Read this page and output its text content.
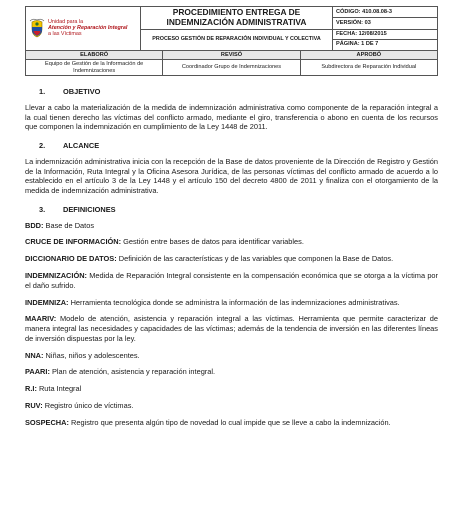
Unidad para la
Atención y Reparación Integral
a las Víctimas	PROCEDIMIENTO ENTREGA DE
INDEMNIZACIÓN ADMINISTRATIVA	CÓDIGO: 410.08.08-3
		VERSIÓN: 03
	PROCESO GESTIÓN DE REPARACIÓN INDIVIDUAL Y COLECTIVA	FECHA: 12/08/2015
		PÁGINA: 1 DE 7
ELABORÓ	REVISÓ	APROBÓ
Equipo de Gestión de la Información de Indemnizaciones	Coordinador Grupo de Indemnizaciones	Subdirectora de Reparación Individual
1. OBJETIVO

Llevar a cabo la materialización de la medida de indemnización administrativa como componente de la reparación integral a la cual tienen derecho las víctimas del conflicto armado, mediante el giro, transferencia o abono en cuenta de los recursos que componen la indemnización en cumplimiento de la Ley 1448 de 2011.

2. ALCANCE

La indemnización administrativa inicia con la recepción de la Base de datos proveniente de la Dirección de Registro y Gestión de la Información, Ruta Integral y la Oficina Asesora Jurídica, de las personas víctimas del conflicto armado de acuerdo a lo establecido en el artículo 3 de la Ley 1448 y el artículo 150 del decreto 4800 de 2011 y finaliza con el otorgamiento de la medida de indemnización administrativa.

3. DEFINICIONES
BDD: Base de Datos
CRUCE DE INFORMACIÓN: Gestión entre bases de datos para identificar variables.
DICCIONARIO DE DATOS: Definición de las características y de las variables que componen la Base de Datos.
INDEMNIZACIÓN: Medida de Reparación Integral consistente en la compensación económica que se otorga a la víctima por el daño sufrido.
INDEMNIZA: Herramienta tecnológica donde se administra la información de las indemnizaciones administrativas.
MAARIV: Modelo de atención, asistencia y reparación integral a las víctimas. Herramienta que permite caracterizar de manera integral las necesidades y capacidades de las víctimas; además de la tendencia de inversión en las diferentes líneas de inversión dispuestas por la ley.
NNA: Niñas, niños y adolescentes.
PAARI: Plan de atención, asistencia y reparación integral.
R.I: Ruta Integral
RUV: Registro único de víctimas.
SOSPECHA: Registro que presenta algún tipo de novedad lo cual impide que se lleve a cabo la indemnización.
